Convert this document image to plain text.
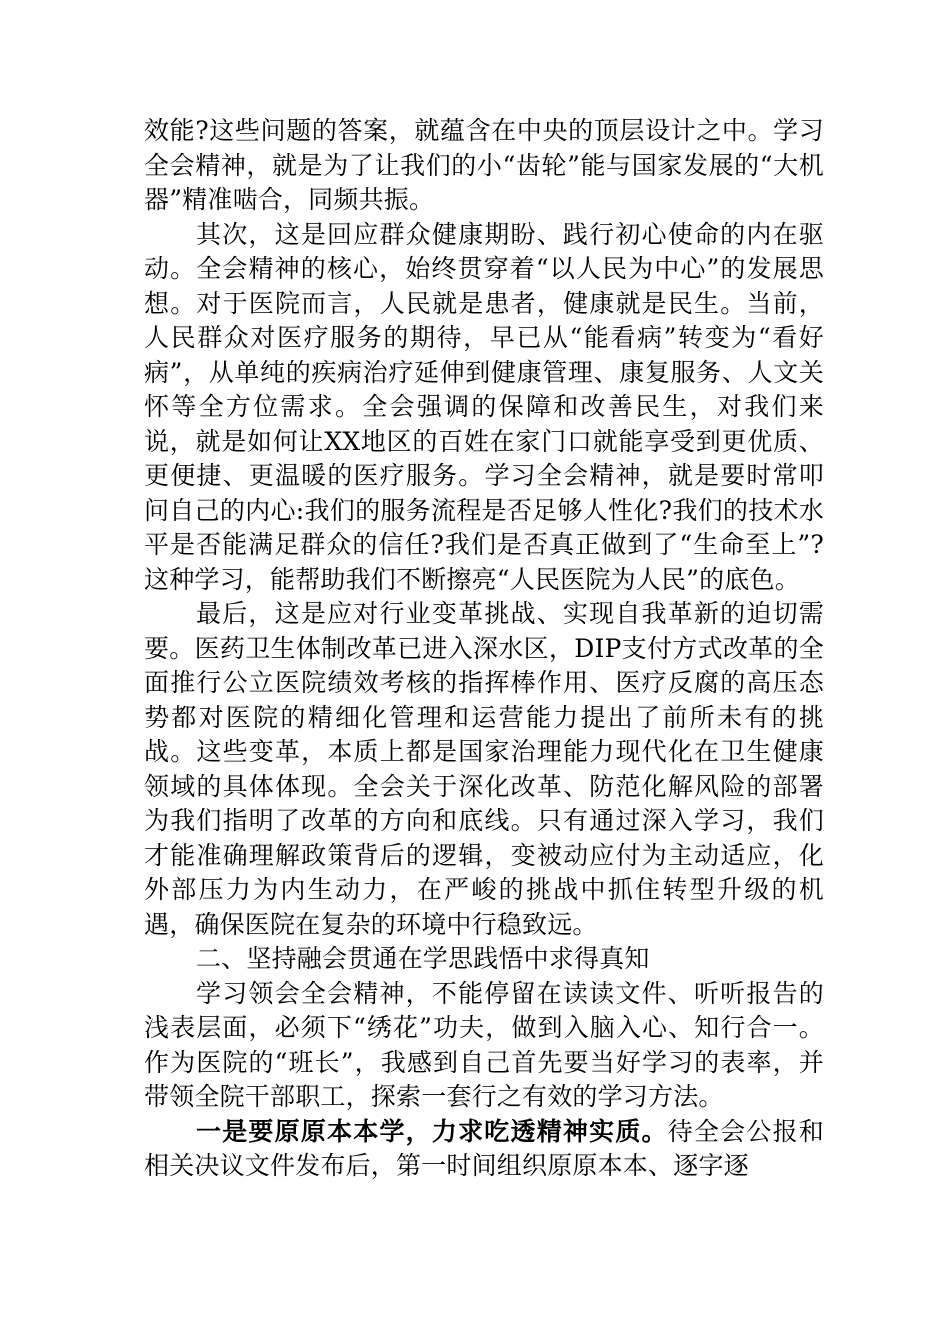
效能?这些问题的答案，就蕴含在中央的顶层设计之中。学习全会精神，就是为了让我们的小“齿轮”能与国家发展的“大机器”精准啮合，同频共振。

其次，这是回应群众健康期盼、践行初心使命的内在驱动。全会精神的核心，始终贯穿着“以人民为中心”的发展思想。对于医院而言，人民就是患者，健康就是民生。当前，人民群众对医疗服务的期待，早已从“能看病”转变为“看好病”，从单纯的疾病治疗延伸到健康管理、康复服务、人文关怀等全方位需求。全会强调的保障和改善民生，对我们来说，就是如何让XX地区的百姓在家门口就能享受到更优质、更便捷、更温暖的医疗服务。学习全会精神，就是要时常叩问自己的内心:我们的服务流程是否足够人性化?我们的技术水平是否能满足群众的信任?我们是否真正做到了“生命至上”?这种学习，能帮助我们不断擦亮“人民医院为人民”的底色。

最后，这是应对行业变革挑战、实现自我革新的迫切需要。医药卫生体制改革已进入深水区，DIP支付方式改革的全面推行公立医院绩效考核的指挥棒作用、医疗反腐的高压态势都对医院的精细化管理和运营能力提出了前所未有的挑战。这些变革，本质上都是国家治理能力现代化在卫生健康领域的具体体现。全会关于深化改革、防范化解风险的部署为我们指明了改革的方向和底线。只有通过深入学习，我们才能准确理解政策背后的逻辑，变被动应付为主动适应，化外部压力为内生动力，在严峻的挑战中抓住转型升级的机遇，确保医院在复杂的环境中行稳致远。

二、坚持融会贯通在学思践悟中求得真知

学习领会全会精神，不能停留在读读文件、听听报告的浅表层面，必须下“绣花”功夫，做到入脑入心、知行合一。作为医院的“班长”，我感到自己首先要当好学习的表率，并带领全院干部职工，探索一套行之有效的学习方法。

一是要原原本本学，力求吃透精神实质。待全会公报和相关决议文件发布后，第一时间组织原原本本、逐字逐
